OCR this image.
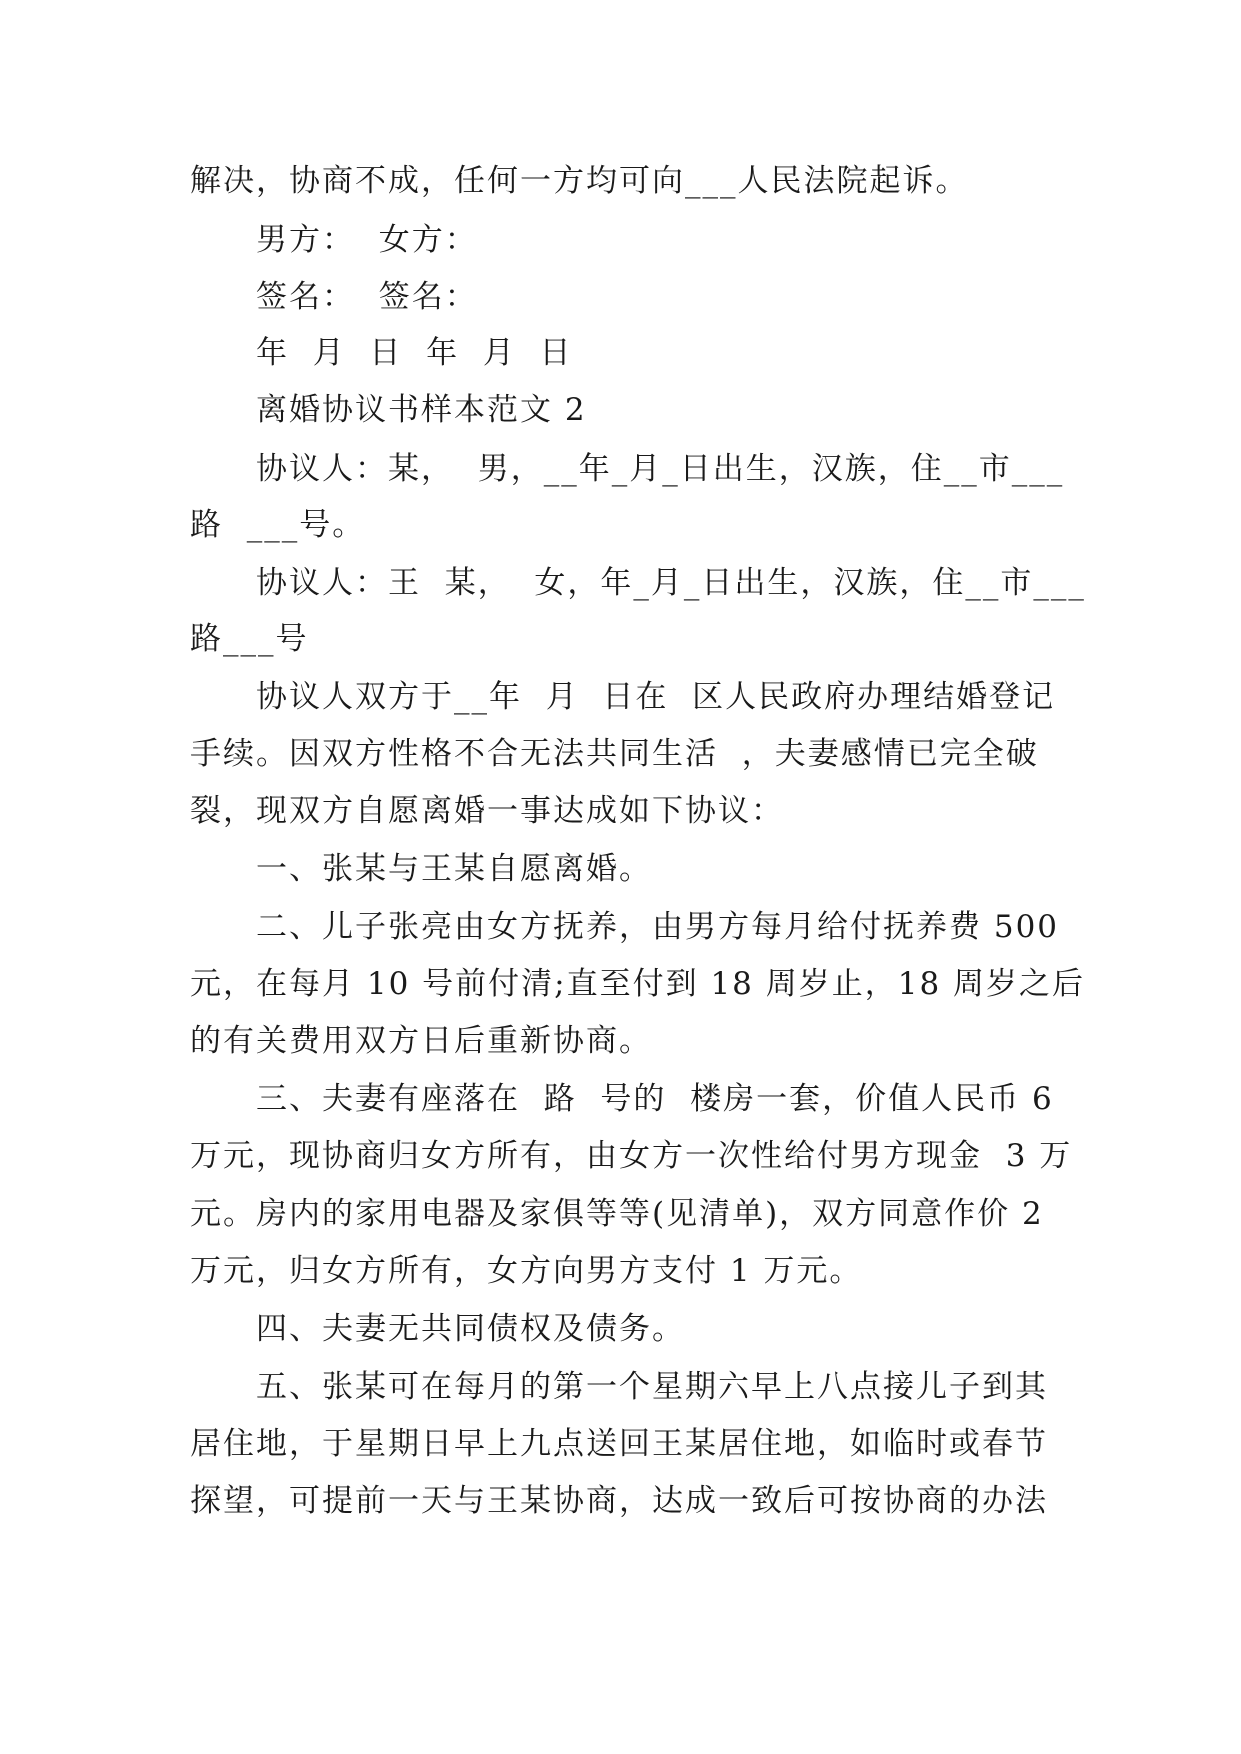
解决，协商不成，任何一方均可向___人民法院起诉。
男方：  女方：
签名：  签名：
年  月  日  年  月  日
离婚协议书样本范文 2
协议人：某，  男，__年_月_日出生，汉族，住__市___
路  ___号。
协议人：王  某，  女，年_月_日出生，汉族，住__市___
路___号
协议人双方于__年  月  日在  区人民政府办理结婚登记
手续。因双方性格不合无法共同生活  ，夫妻感情已完全破
裂，现双方自愿离婚一事达成如下协议：
一、张某与王某自愿离婚。
二、儿子张亮由女方抚养，由男方每月给付抚养费 500
元，在每月 10 号前付清;直至付到 18 周岁止，18 周岁之后
的有关费用双方日后重新协商。
三、夫妻有座落在  路  号的  楼房一套，价值人民币 6
万元，现协商归女方所有，由女方一次性给付男方现金  3 万
元。房内的家用电器及家俱等等(见清单)，双方同意作价 2
万元，归女方所有，女方向男方支付 1 万元。
四、夫妻无共同债权及债务。
五、张某可在每月的第一个星期六早上八点接儿子到其
居住地，于星期日早上九点送回王某居住地，如临时或春节
探望，可提前一天与王某协商，达成一致后可按协商的办法
